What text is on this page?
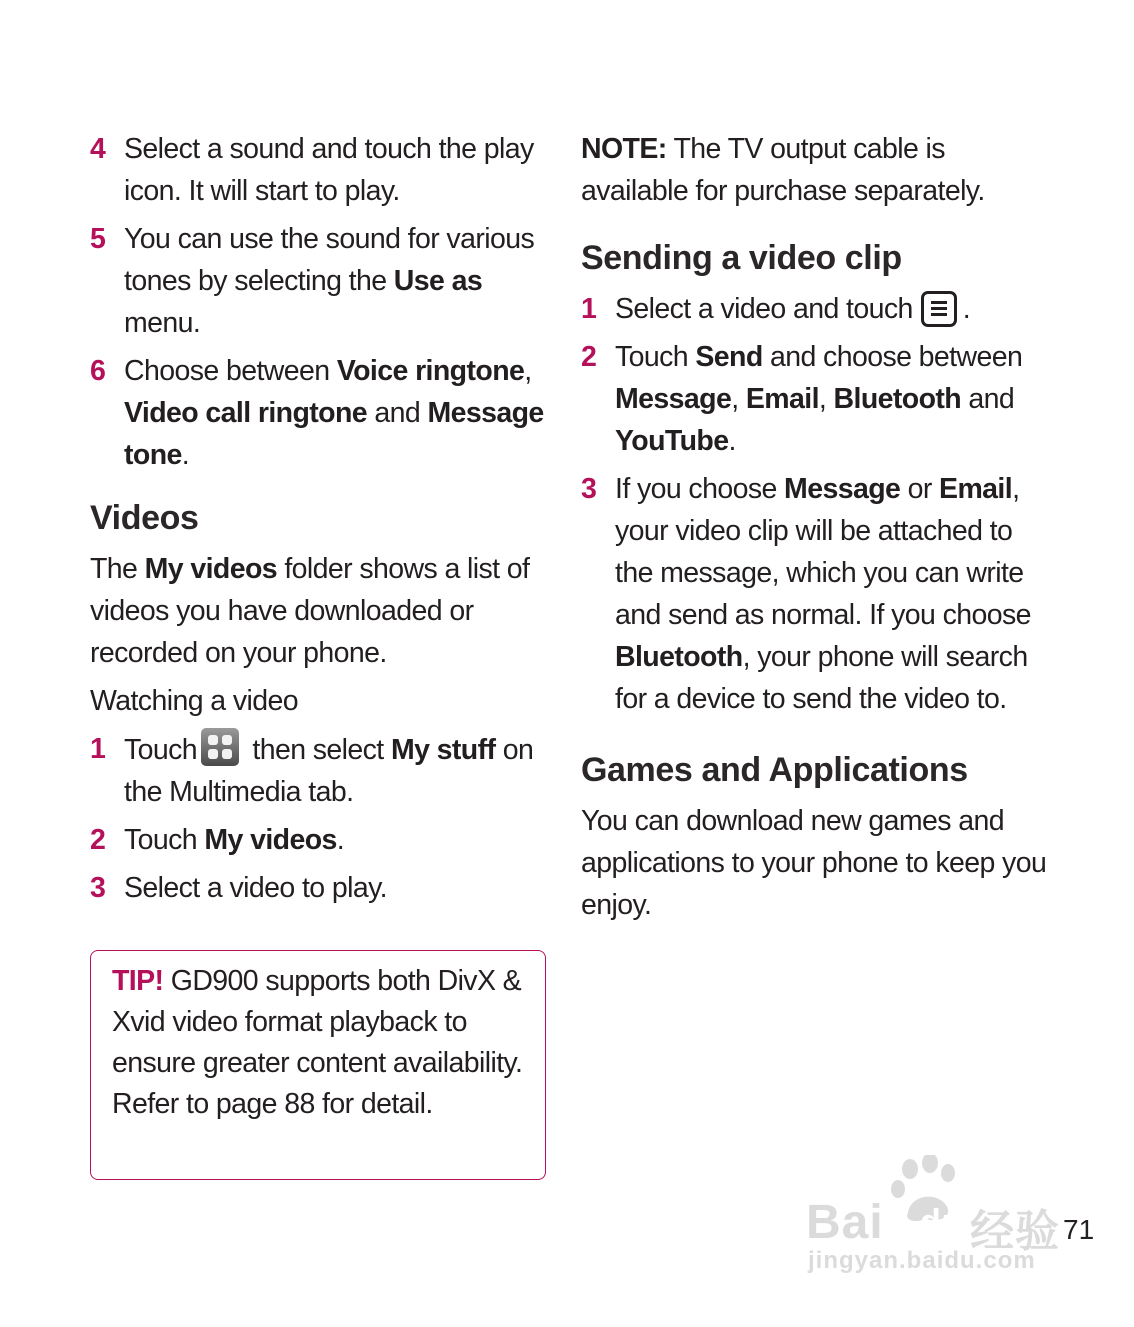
4 Select a sound and touch the play icon. It will start to play.
5 You can use the sound for various tones by selecting the Use as menu.
6 Choose between Voice ringtone, Video call ringtone and Message tone.
Videos

The My videos folder shows a list of videos you have downloaded or recorded on your phone.

Watching a video
1 Touch
then select My stuff on the Multimedia tab.
2 Touch My videos.
3 Select a video to play.
TIP! GD900 supports both DivX & Xvid video format playback to ensure greater content availability. Refer to page 88 for detail.

NOTE: The TV output cable is available for purchase separately.

Sending a video clip
1 Select a video and touch .
2 Touch Send and choose between Message, Email, Bluetooth and YouTube.
3 If you choose Message or Email, your video clip will be attached to the message, which you can write and send as normal. If you choose Bluetooth, your phone will search for a device to send the video to.
Games and Applications

You can download new games and applications to your phone to keep you enjoy.

71
Bai du 经验
jingyan.baidu.com
